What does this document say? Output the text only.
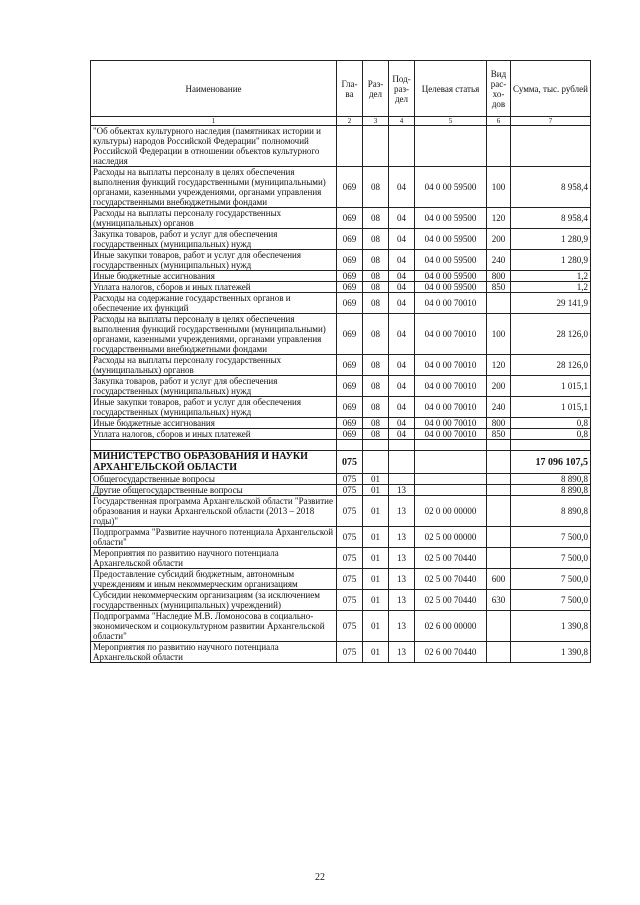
Наименование	Гла-ва	Раз-дел	Под-раз-дел	Целевая статья	Вид рас-хо-дов	Сумма, тыс. рублей
1	2	3	4	5	6	7
"Об объектах культурного наследия (памятниках истории и культуры) народов Российской Федерации" полномочий Российской Федерации в отношении объектов культурного наследия						
Расходы на выплаты персоналу в целях обеспечения выполнения функций государственными (муниципальными) органами, казенными учреждениями, органами управления государственными внебюджетными фондами	069	08	04	04 0 00 59500	100	8 958,4
Расходы на выплаты персоналу государственных (муниципальных) органов	069	08	04	04 0 00 59500	120	8 958,4
Закупка товаров, работ и услуг для обеспечения государственных (муниципальных) нужд	069	08	04	04 0 00 59500	200	1 280,9
Иные закупки товаров, работ и услуг для обеспечения государственных (муниципальных) нужд	069	08	04	04 0 00 59500	240	1 280,9
Иные бюджетные ассигнования	069	08	04	04 0 00 59500	800	1,2
Уплата налогов, сборов и иных платежей	069	08	04	04 0 00 59500	850	1,2
Расходы на содержание государственных органов и обеспечение их функций	069	08	04	04 0 00 70010		29 141,9
Расходы на выплаты персоналу в целях обеспечения выполнения функций государственными (муниципальными) органами, казенными учреждениями, органами управления государственными внебюджетными фондами	069	08	04	04 0 00 70010	100	28 126,0
Расходы на выплаты персоналу государственных (муниципальных) органов	069	08	04	04 0 00 70010	120	28 126,0
Закупка товаров, работ и услуг для обеспечения государственных (муниципальных) нужд	069	08	04	04 0 00 70010	200	1 015,1
Иные закупки товаров, работ и услуг для обеспечения государственных (муниципальных) нужд	069	08	04	04 0 00 70010	240	1 015,1
Иные бюджетные ассигнования	069	08	04	04 0 00 70010	800	0,8
Уплата налогов, сборов и иных платежей	069	08	04	04 0 00 70010	850	0,8

МИНИСТЕРСТВО ОБРАЗОВАНИЯ И НАУКИ АРХАНГЕЛЬСКОЙ ОБЛАСТИ	075					17 096 107,5
Общегосударственные вопросы	075	01				8 890,8
Другие общегосударственные вопросы	075	01	13			8 890,8
Государственная программа Архангельской области "Развитие образования и науки Архангельской области (2013 – 2018 годы)"	075	01	13	02 0 00 00000		8 890,8
Подпрограмма "Развитие научного потенциала Архангельской области"	075	01	13	02 5 00 00000		7 500,0
Мероприятия по развитию научного потенциала Архангельской области	075	01	13	02 5 00 70440		7 500,0
Предоставление субсидий бюджетным, автономным учреждениям и иным некоммерческим организациям	075	01	13	02 5 00 70440	600	7 500,0
Субсидии некоммерческим организациям (за исключением государственных (муниципальных) учреждений)	075	01	13	02 5 00 70440	630	7 500,0
Подпрограмма "Наследие М.В. Ломоносова в социально-экономическом и социокультурном развитии Архангельской области"	075	01	13	02 6 00 00000		1 390,8
Мероприятия по развитию научного потенциала Архангельской области	075	01	13	02 6 00 70440		1 390,8
22
